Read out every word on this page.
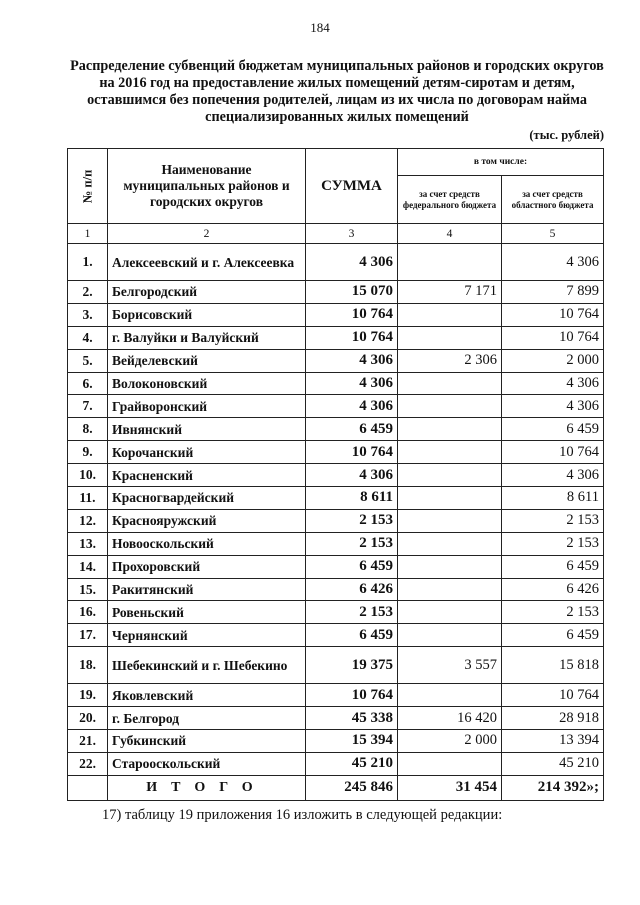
184
Распределение субвенций бюджетам муниципальных районов и городских округов на 2016 год на предоставление жилых помещений детям-сиротам и детям, оставшимся без попечения родителей, лицам из их числа по договорам найма специализированных жилых помещений
(тыс. рублей)
№ п/п	Наименование муниципальных районов и городских округов	СУММА	в том числе:	
			за счет средств федерального бюджета	за счет средств областного бюджета
1	2	3	4	5
1.	Алексеевский и г. Алексеевка	4 306		4 306
2.	Белгородский	15 070	7 171	7 899
3.	Борисовский	10 764		10 764
4.	г. Валуйки и Валуйский	10 764		10 764
5.	Вейделевский	4 306	2 306	2 000
6.	Волоконовский	4 306		4 306
7.	Грайворонский	4 306		4 306
8.	Ивнянский	6 459		6 459
9.	Корочанский	10 764		10 764
10.	Красненский	4 306		4 306
11.	Красногвардейский	8 611		8 611
12.	Краснояружский	2 153		2 153
13.	Новооскольский	2 153		2 153
14.	Прохоровский	6 459		6 459
15.	Ракитянский	6 426		6 426
16.	Ровеньский	2 153		2 153
17.	Чернянский	6 459		6 459
18.	Шебекинский и г. Шебекино	19 375	3 557	15 818
19.	Яковлевский	10 764		10 764
20.	г. Белгород	45 338	16 420	28 918
21.	Губкинский	15 394	2 000	13 394
22.	Старооскольский	45 210		45 210
	ИТОГО	245 846	31 454	214 392»;
17) таблицу 19 приложения 16 изложить в следующей редакции:
